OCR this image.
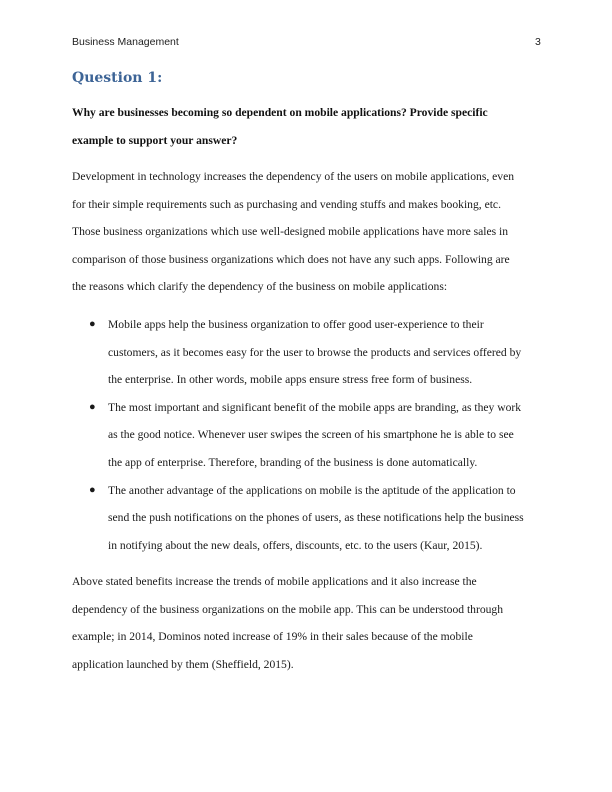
Business Management	3
Question 1:
Why are businesses becoming so dependent on mobile applications? Provide specific
example to support your answer?
Development in technology increases the dependency of the users on mobile applications, even
for their simple requirements such as purchasing and vending stuffs and makes booking, etc.
Those business organizations which use well-designed mobile applications have more sales in
comparison of those business organizations which does not have any such apps. Following are
the reasons which clarify the dependency of the business on mobile applications:
● Mobile apps help the business organization to offer good user-experience to their
customers, as it becomes easy for the user to browse the products and services offered by
the enterprise. In other words, mobile apps ensure stress free form of business.
● The most important and significant benefit of the mobile apps are branding, as they work
as the good notice. Whenever user swipes the screen of his smartphone he is able to see
the app of enterprise. Therefore, branding of the business is done automatically.
● The another advantage of the applications on mobile is the aptitude of the application to
send the push notifications on the phones of users, as these notifications help the business
in notifying about the new deals, offers, discounts, etc. to the users (Kaur, 2015).
Above stated benefits increase the trends of mobile applications and it also increase the
dependency of the business organizations on the mobile app. This can be understood through
example; in 2014, Dominos noted increase of 19% in their sales because of the mobile
application launched by them (Sheffield, 2015).
